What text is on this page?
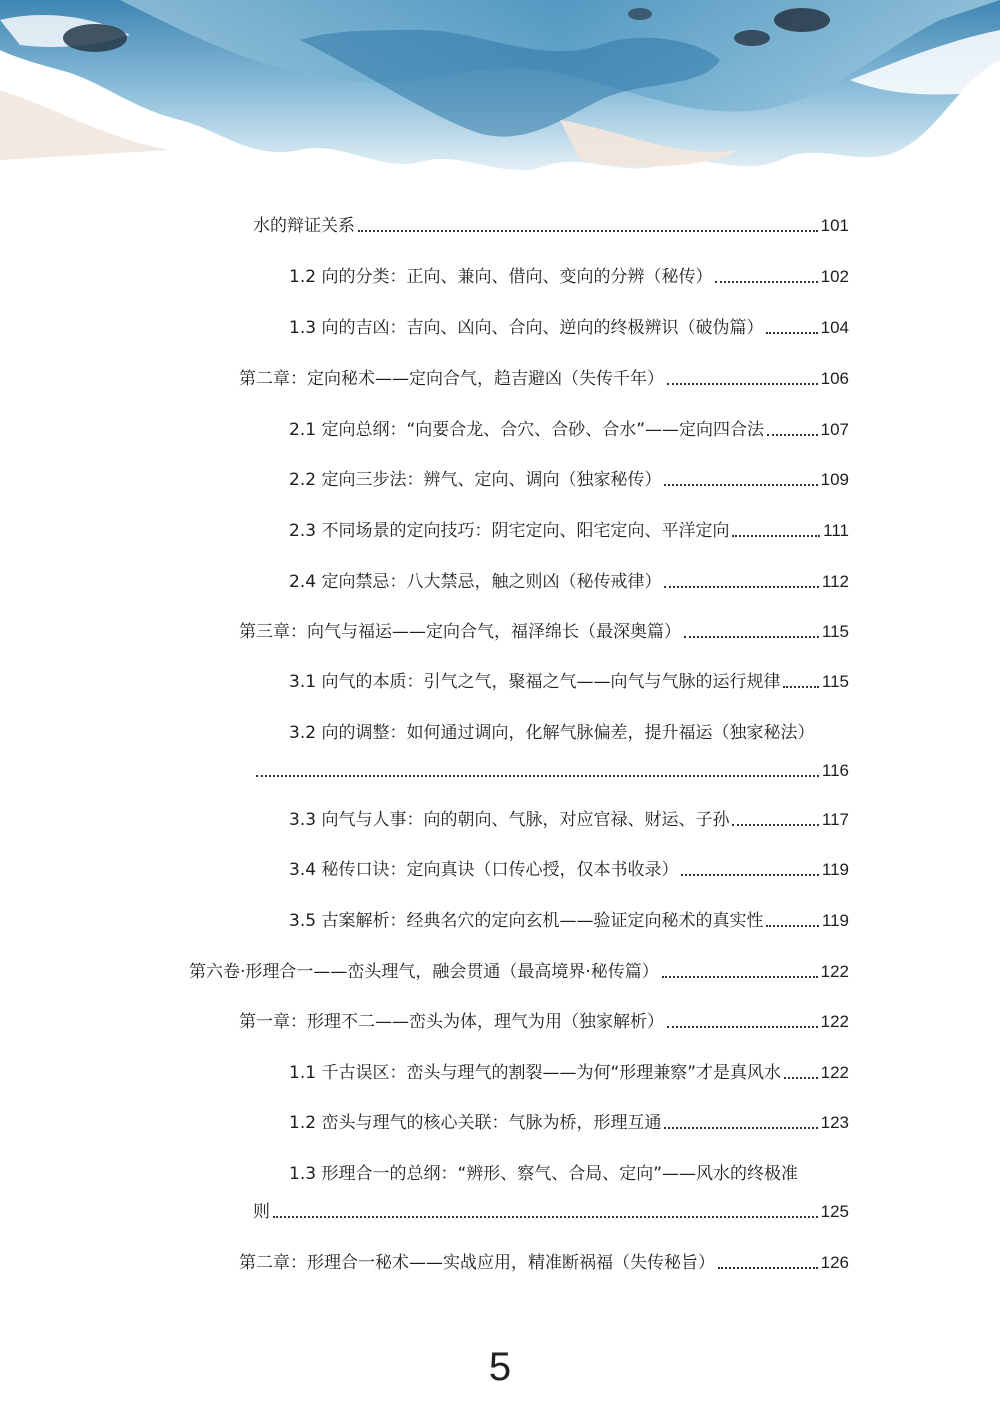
水的辩证关系	101
1.2 向的分类：正向、兼向、借向、变向的分辨（秘传）	102
1.3 向的吉凶：吉向、凶向、合向、逆向的终极辨识（破伪篇）	104
第二章：定向秘术——定向合气，趋吉避凶（失传千年）	106
2.1 定向总纲：“向要合龙、合穴、合砂、合水”——定向四合法	107
2.2 定向三步法：辨气、定向、调向（独家秘传）	109
2.3 不同场景的定向技巧：阴宅定向、阳宅定向、平洋定向	111
2.4 定向禁忌：八大禁忌，触之则凶（秘传戒律）	112
第三章：向气与福运——定向合气，福泽绵长（最深奥篇）	115
3.1 向气的本质：引气之气，聚福之气——向气与气脉的运行规律 115
3.2 向的调整：如何通过调向，化解气脉偏差，提升福运（独家秘法）
116
3.3 向气与人事：向的朝向、气脉，对应官禄、财运、子孙	117
3.4 秘传口诀：定向真诀（口传心授，仅本书收录）	119
3.5 古案解析：经典名穴的定向玄机——验证定向秘术的真实性	119
第六卷·形理合一——峦头理气，融会贯通（最高境界·秘传篇）	122
第一章：形理不二——峦头为体，理气为用（独家解析）	122
1.1 千古误区：峦头与理气的割裂——为何“形理兼察”才是真风水 122
1.2 峦头与理气的核心关联：气脉为桥，形理互通	123
1.3 形理合一的总纲：“辨形、察气、合局、定向”——风水的终极准
则	125
第二章：形理合一秘术——实战应用，精准断祸福（失传秘旨）	126
5
